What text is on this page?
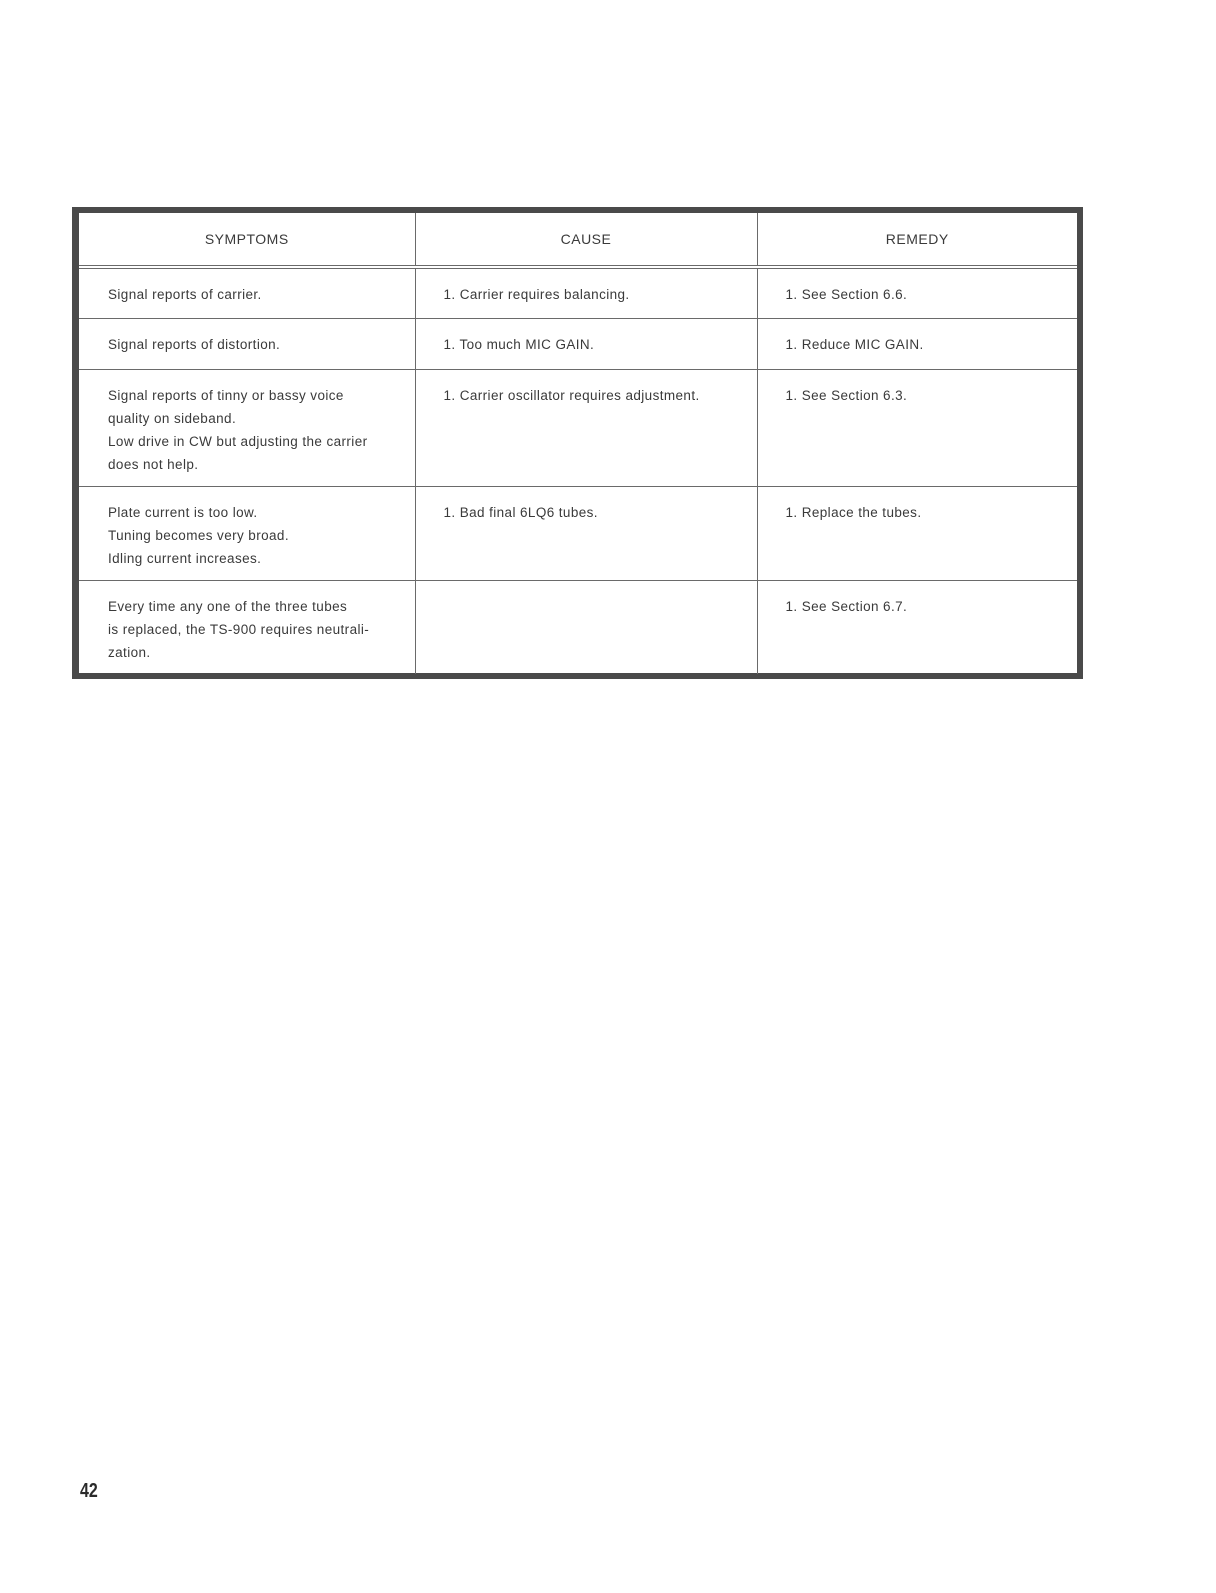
SYMPTOMS	CAUSE	REMEDY

Signal reports of carrier.	1. Carrier requires balancing.	1. See Section 6.6.

Signal reports of distortion.	1. Too much MIC GAIN.	1. Reduce MIC GAIN.

Signal reports of tinny or bassy voice
quality on sideband.
Low drive in CW but adjusting the carrier
does not help.	1. Carrier oscillator requires adjustment.	1. See Section 6.3.

Plate current is too low.
Tuning becomes very broad.
Idling current increases.	1. Bad final 6LQ6 tubes.	1. Replace the tubes.

Every time any one of the three tubes
is replaced, the TS-900 requires neutrali-
zation.		1. See Section 6.7.
42
